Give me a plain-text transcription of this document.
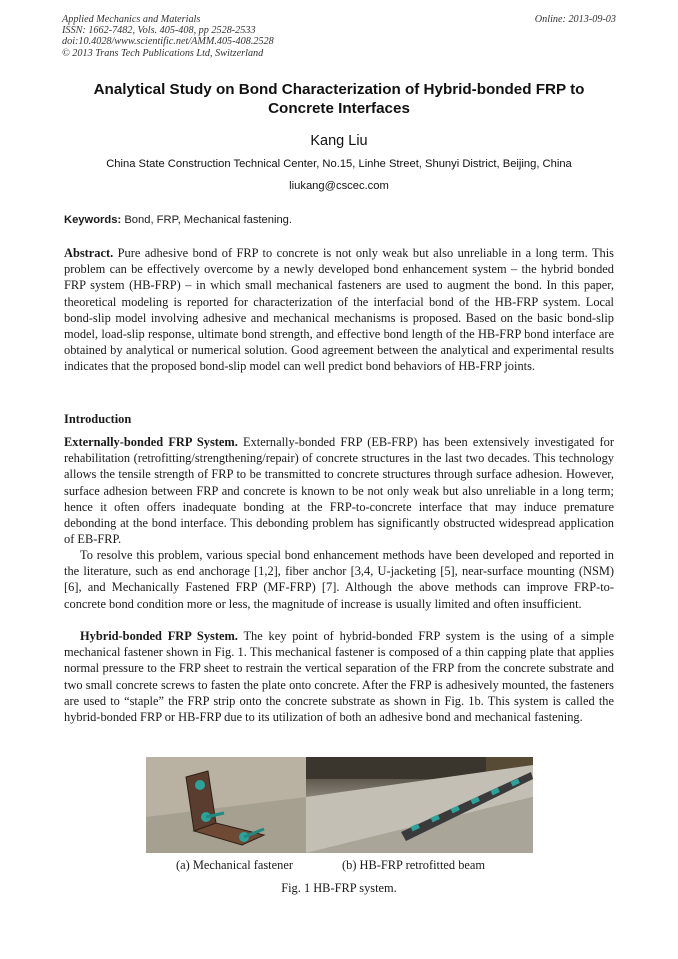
Applied Mechanics and Materials
ISSN: 1662-7482, Vols. 405-408, pp 2528-2533
doi:10.4028/www.scientific.net/AMM.405-408.2528
© 2013 Trans Tech Publications Ltd, Switzerland
Online: 2013-09-03
Analytical Study on Bond Characterization of Hybrid-bonded FRP to Concrete Interfaces
Kang Liu
China State Construction Technical Center, No.15, Linhe Street, Shunyi District, Beijing, China
liukang@cscec.com
Keywords: Bond, FRP, Mechanical fastening.
Abstract. Pure adhesive bond of FRP to concrete is not only weak but also unreliable in a long term. This problem can be effectively overcome by a newly developed bond enhancement system – the hybrid bonded FRP system (HB-FRP) – in which small mechanical fasteners are used to augment the bond. In this paper, theoretical modeling is reported for characterization of the interfacial bond of the HB-FRP system. Local bond-slip model involving adhesive and mechanical mechanisms is proposed. Based on the basic bond-slip model, load-slip response, ultimate bond strength, and effective bond length of the HB-FRP bond interface are obtained by analytical or numerical solution. Good agreement between the analytical and experimental results indicates that the proposed bond-slip model can well predict bond behaviors of HB-FRP joints.
Introduction
Externally-bonded FRP System. Externally-bonded FRP (EB-FRP) has been extensively investigated for rehabilitation (retrofitting/strengthening/repair) of concrete structures in the last two decades. This technology allows the tensile strength of FRP to be transmitted to concrete structures through surface adhesion. However, surface adhesion between FRP and concrete is known to be not only weak but also unreliable in a long term; hence it often offers inadequate bonding at the FRP-to-concrete interface that may induce premature debonding at the bond interface. This debonding problem has significantly obstructed widespread application of EB-FRP.
To resolve this problem, various special bond enhancement methods have been developed and reported in the literature, such as end anchorage [1,2], fiber anchor [3,4, U-jacketing [5], near-surface mounting (NSM) [6], and Mechanically Fastened FRP (MF-FRP) [7]. Although the above methods can improve FRP-to-concrete bond condition more or less, the magnitude of increase is usually limited and often insufficient.
Hybrid-bonded FRP System. The key point of hybrid-bonded FRP system is the using of a simple mechanical fastener shown in Fig. 1. This mechanical fastener is composed of a thin capping plate that applies normal pressure to the FRP sheet to restrain the vertical separation of the FRP from the concrete substrate and two small concrete screws to fasten the plate onto concrete. After the FRP is adhesively mounted, the fasteners are used to “staple” the FRP strip onto the concrete substrate as shown in Fig. 1b. This system is called the hybrid-bonded FRP or HB-FRP due to its utilization of both an adhesive bond and mechanical fastening.
(a) Mechanical fastener	(b) HB-FRP retrofitted beam
Fig. 1 HB-FRP system.
